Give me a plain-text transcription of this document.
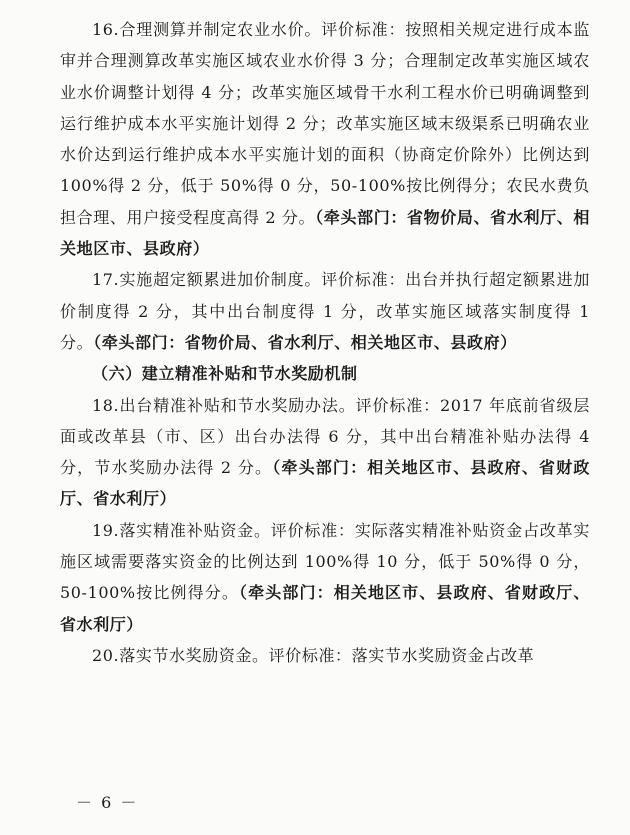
16.合理测算并制定农业水价。评价标准：按照相关规定进行成本监审并合理测算改革实施区域农业水价得 3 分；合理制定改革实施区域农业水价调整计划得 4 分；改革实施区域骨干水利工程水价已明确调整到运行维护成本水平实施计划得 2 分；改革实施区域末级渠系已明确农业水价达到运行维护成本水平实施计划的面积（协商定价除外）比例达到 100%得 2 分，低于 50%得 0 分，50-100%按比例得分；农民水费负担合理、用户接受程度高得 2 分。（牵头部门：省物价局、省水利厅、相关地区市、县政府）

17.实施超定额累进加价制度。评价标准：出台并执行超定额累进加价制度得 2 分，其中出台制度得 1 分，改革实施区域落实制度得 1 分。（牵头部门：省物价局、省水利厅、相关地区市、县政府）

（六）建立精准补贴和节水奖励机制

18.出台精准补贴和节水奖励办法。评价标准：2017 年底前省级层面或改革县（市、区）出台办法得 6 分，其中出台精准补贴办法得 4 分，节水奖励办法得 2 分。（牵头部门：相关地区市、县政府、省财政厅、省水利厅）

19.落实精准补贴资金。评价标准：实际落实精准补贴资金占改革实施区域需要落实资金的比例达到 100%得 10 分，低于 50%得 0 分，50-100%按比例得分。（牵头部门：相关地区市、县政府、省财政厅、省水利厅）

20.落实节水奖励资金。评价标准：落实节水奖励资金占改革

－ 6 －
